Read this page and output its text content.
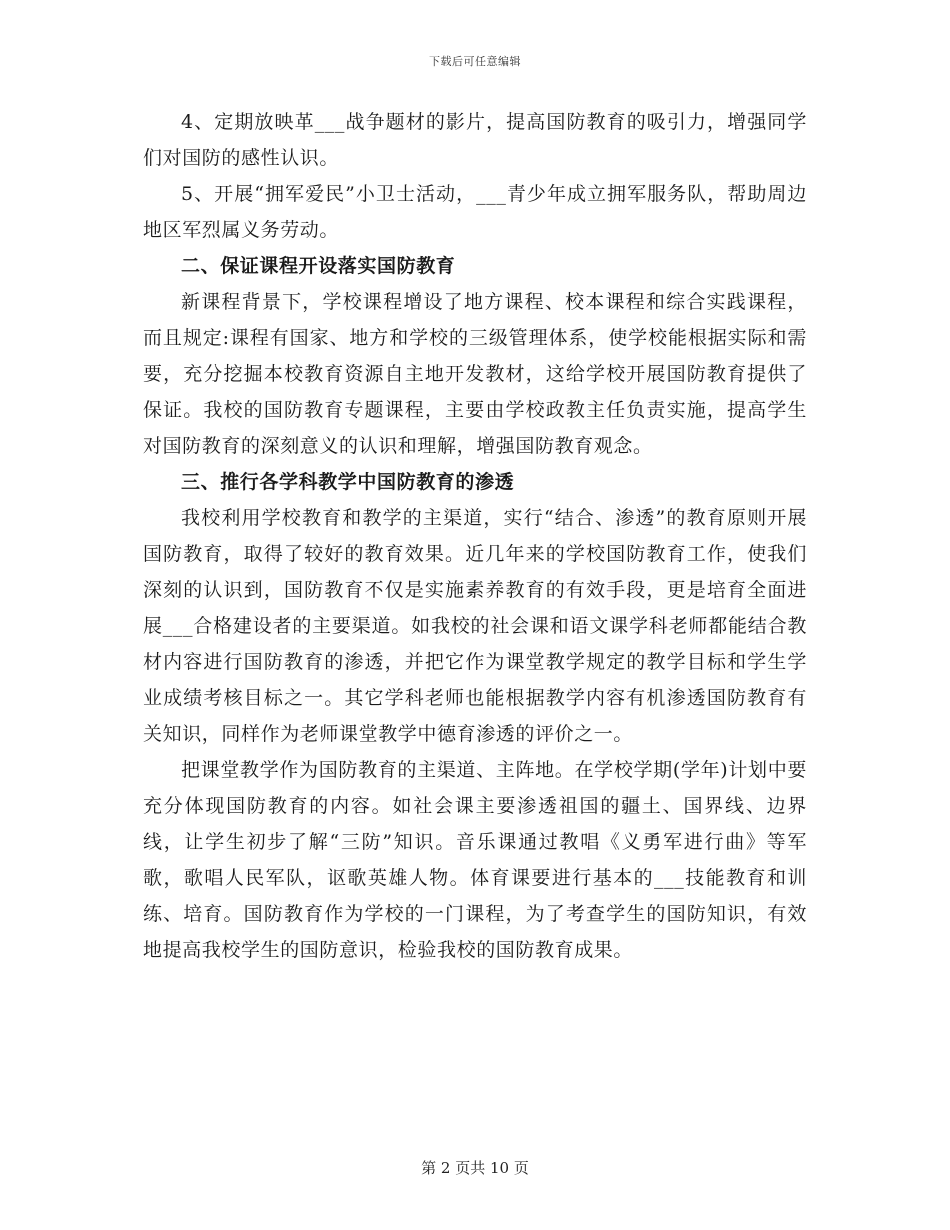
下载后可任意编辑

4、定期放映革___战争题材的影片，提高国防教育的吸引力，增强同学们对国防的感性认识。

5、开展“拥军爱民”小卫士活动，___青少年成立拥军服务队，帮助周边地区军烈属义务劳动。

二、保证课程开设落实国防教育

新课程背景下，学校课程增设了地方课程、校本课程和综合实践课程，而且规定:课程有国家、地方和学校的三级管理体系，使学校能根据实际和需要，充分挖掘本校教育资源自主地开发教材，这给学校开展国防教育提供了保证。我校的国防教育专题课程，主要由学校政教主任负责实施，提高学生对国防教育的深刻意义的认识和理解，增强国防教育观念。

三、推行各学科教学中国防教育的渗透

我校利用学校教育和教学的主渠道，实行“结合、渗透”的教育原则开展国防教育，取得了较好的教育效果。近几年来的学校国防教育工作，使我们深刻的认识到，国防教育不仅是实施素养教育的有效手段，更是培育全面进展___合格建设者的主要渠道。如我校的社会课和语文课学科老师都能结合教材内容进行国防教育的渗透，并把它作为课堂教学规定的教学目标和学生学业成绩考核目标之一。其它学科老师也能根据教学内容有机渗透国防教育有关知识，同样作为老师课堂教学中德育渗透的评价之一。

把课堂教学作为国防教育的主渠道、主阵地。在学校学期(学年)计划中要充分体现国防教育的内容。如社会课主要渗透祖国的疆土、国界线、边界线，让学生初步了解“三防”知识。音乐课通过教唱《义勇军进行曲》等军歌，歌唱人民军队，讴歌英雄人物。体育课要进行基本的___技能教育和训练、培育。国防教育作为学校的一门课程，为了考查学生的国防知识，有效地提高我校学生的国防意识，检验我校的国防教育成果。

第 2 页共 10 页
